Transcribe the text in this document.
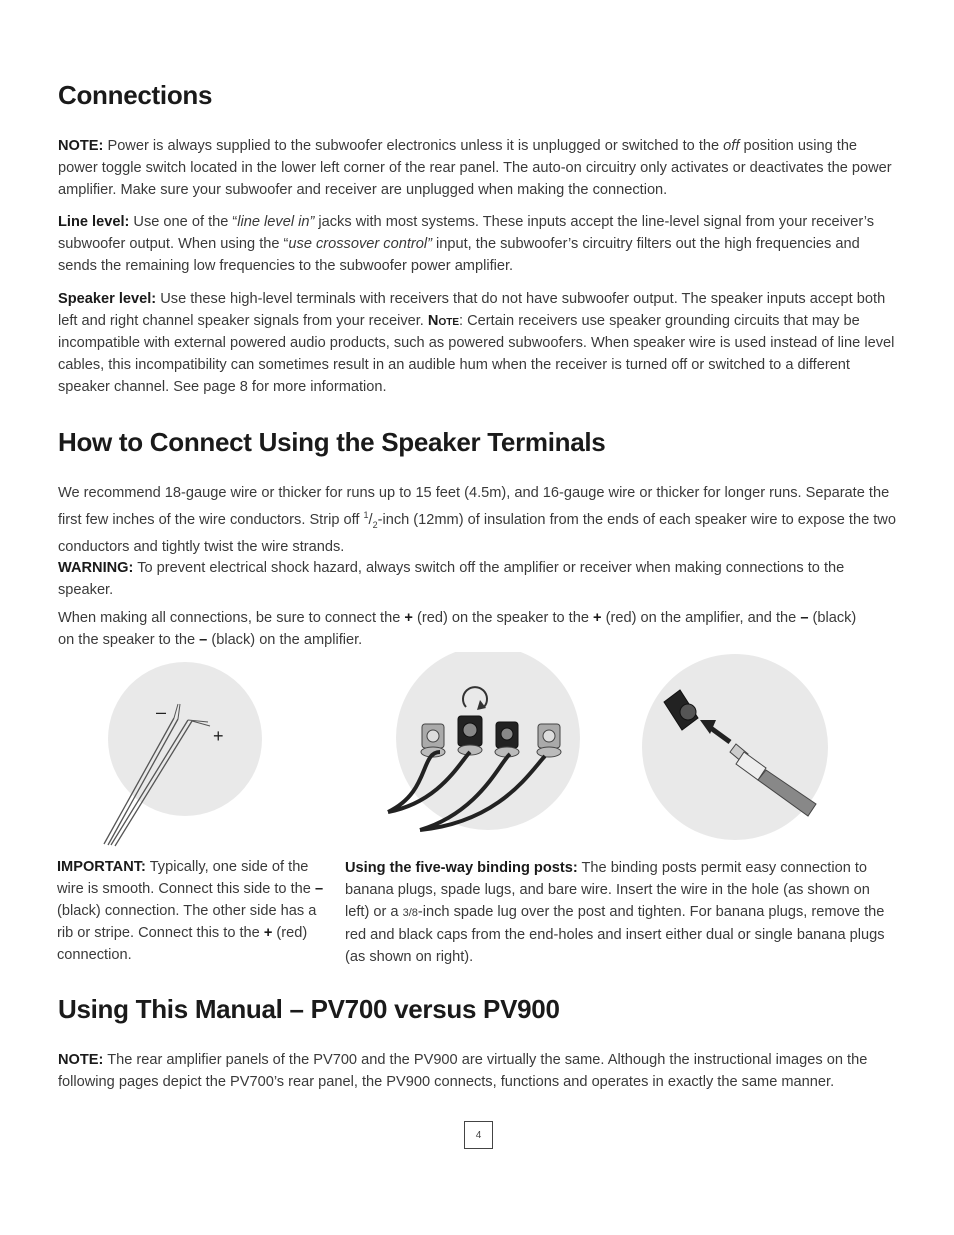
Connections

NOTE: Power is always supplied to the subwoofer electronics unless it is unplugged or switched to the off position using the power toggle switch located in the lower left corner of the rear panel. The auto-on circuitry only activates or deactivates the power amplifier. Make sure your subwoofer and receiver are unplugged when making the connection.

Line level: Use one of the “line level in” jacks with most systems. These inputs accept the line-level signal from your receiver’s subwoofer output. When using the “use crossover control” input, the subwoofer’s circuitry filters out the high frequencies and sends the remaining low frequencies to the subwoofer power amplifier.

Speaker level: Use these high-level terminals with receivers that do not have subwoofer output. The speaker inputs accept both left and right channel speaker signals from your receiver. Note: Certain receivers use speaker grounding circuits that may be incompatible with external powered audio products, such as powered subwoofers. When speaker wire is used instead of line level cables, this incompatibility can sometimes result in an audible hum when the receiver is turned off or switched to a different speaker channel. See page 8 for more information.

How to Connect Using the Speaker Terminals

We recommend 18-gauge wire or thicker for runs up to 15 feet (4.5m), and 16-gauge wire or thicker for longer runs. Separate the first few inches of the wire conductors. Strip off $^1/_2$-inch (12mm) of insulation from the ends of each speaker wire to expose the two conductors and tightly twist the wire strands.

WARNING: To prevent electrical shock hazard, always switch off the amplifier or receiver when making connections to the speaker.

When making all connections, be sure to connect the + (red) on the speaker to the + (red) on the amplifier, and the – (black) on the speaker to the – (black) on the amplifier.

–
+
IMPORTANT: Typically, one side of the wire is smooth. Connect this side to the – (black) connection. The other side has a rib or stripe. Connect this to the + (red) connection.
Using the five-way binding posts: The binding posts permit easy connection to banana plugs, spade lugs, and bare wire. Insert the wire in the hole (as shown on left) or a 3/8-inch spade lug over the post and tighten. For banana plugs, remove the red and black caps from the end-holes and insert either dual or single banana plugs (as shown on right).
Using This Manual – PV700 versus PV900

NOTE: The rear amplifier panels of the PV700 and the PV900 are virtually the same. Although the instructional images on the following pages depict the PV700’s rear panel, the PV900 connects, functions and operates in exactly the same manner.

4
